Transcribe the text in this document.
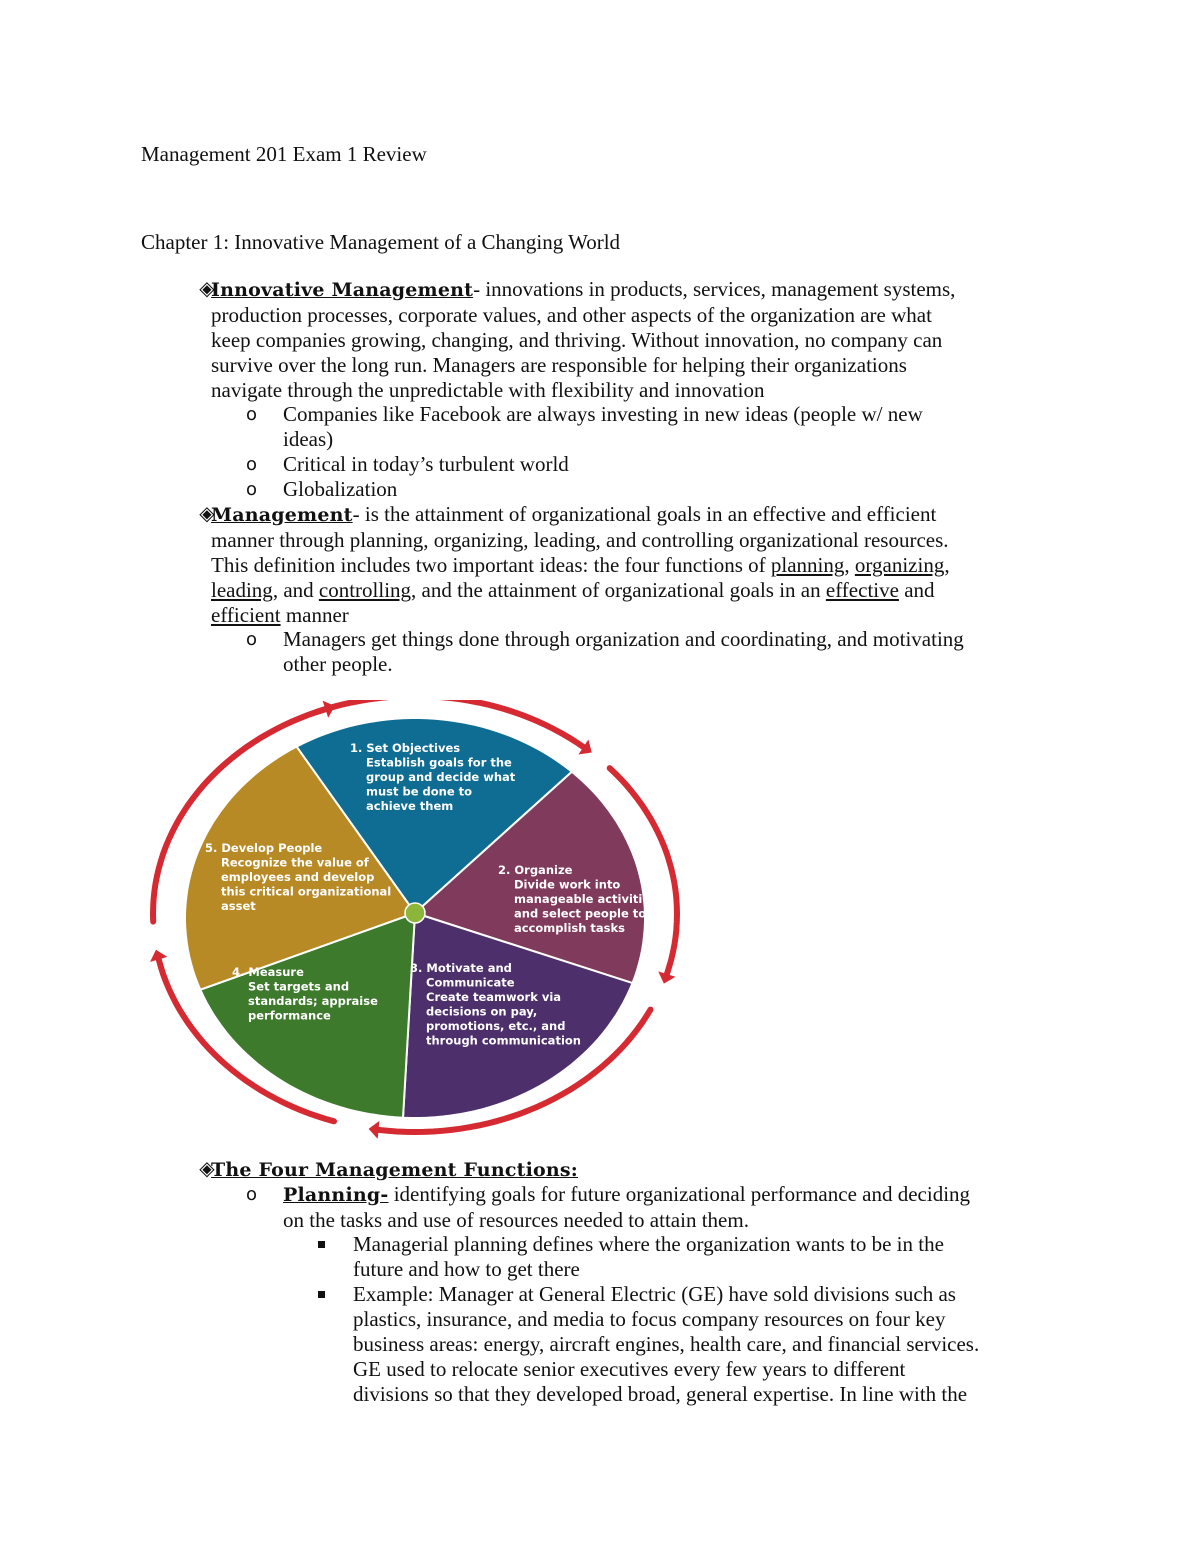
Management 201 Exam 1 Review
Chapter 1: Innovative Management of a Changing World
◈
Innovative Management- innovations in products, services, management systems,
production processes, corporate values, and other aspects of the organization are what
keep companies growing, changing, and thriving. Without innovation, no company can
survive over the long run. Managers are responsible for helping their organizations
navigate through the unpredictable with flexibility and innovation
o	Companies like Facebook are always investing in new ideas (people w/ new
ideas)
o	Critical in today’s turbulent world
o	Globalization
◈
Management- is the attainment of organizational goals in an effective and efficient
manner through planning, organizing, leading, and controlling organizational resources.
This definition includes two important ideas: the four functions of planning, organizing,
leading, and controlling, and the attainment of organizational goals in an effective and
efficient manner
o	Managers get things done through organization and coordinating, and motivating
other people.
1. Set Objectives
Establish goals for the
group and decide what
must be done to
achieve them
2. Organize
Divide work into
manageable activities
and select people to
accomplish tasks
3. Motivate and
Communicate
Create teamwork via
decisions on pay,
promotions, etc., and
through communication
4. Measure
Set targets and
standards; appraise
performance
5. Develop People
Recognize the value of
employees and develop
this critical organizational
asset
◈
The Four Management Functions:
o	Planning- identifying goals for future organizational performance and deciding
on the tasks and use of resources needed to attain them.
Managerial planning defines where the organization wants to be in the
future and how to get there
Example: Manager at General Electric (GE) have sold divisions such as
plastics, insurance, and media to focus company resources on four key
business areas: energy, aircraft engines, health care, and financial services.
GE used to relocate senior executives every few years to different
divisions so that they developed broad, general expertise. In line with the
